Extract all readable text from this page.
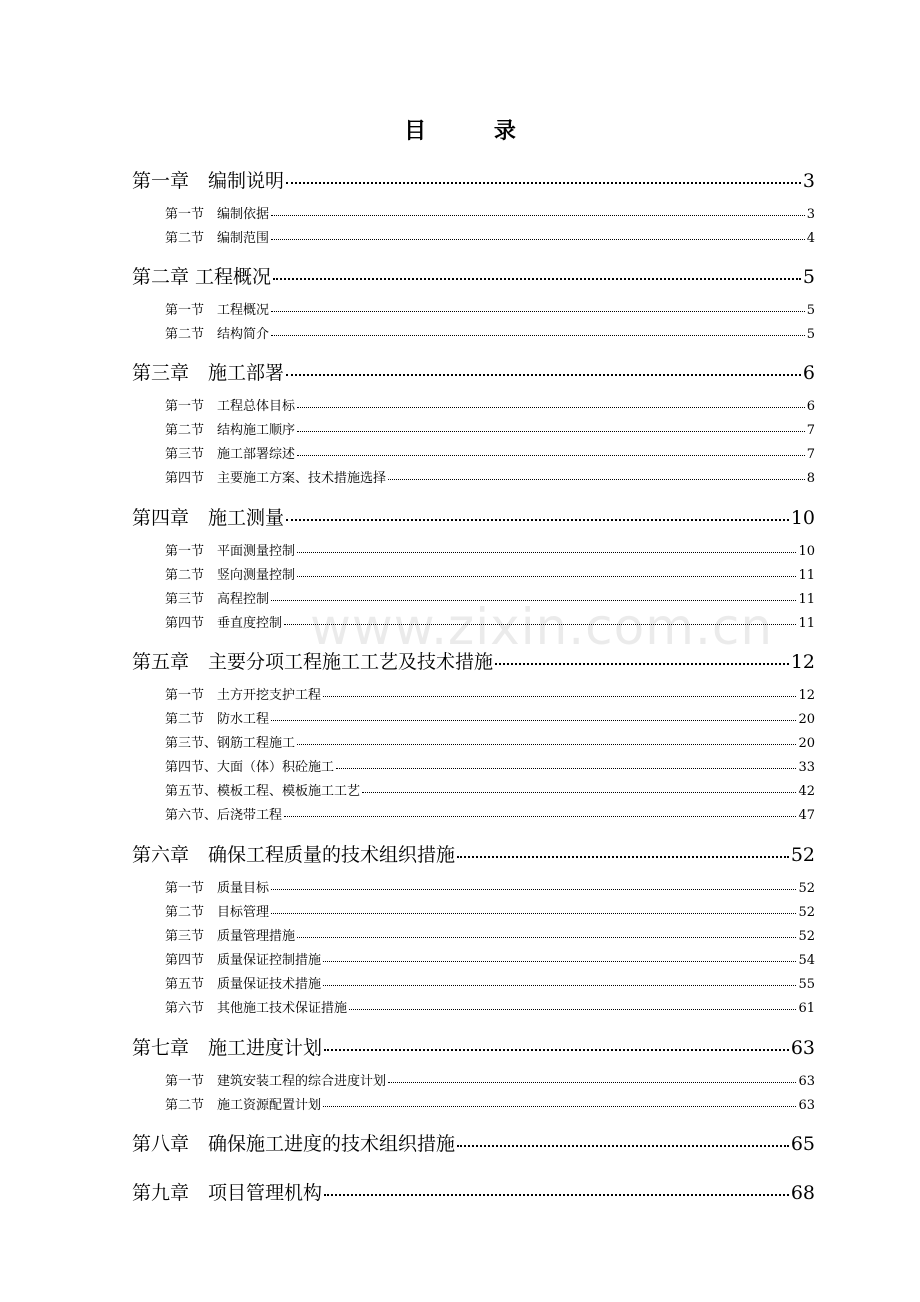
目	录
第一章　编制说明	3
第一节　编制依据	3
第二节　编制范围	4
第二章 工程概况	5
第一节　工程概况	5
第二节　结构简介	5
第三章　施工部署	6
第一节　工程总体目标	6
第二节　结构施工顺序	7
第三节　施工部署综述	7
第四节　主要施工方案、技术措施选择	8
第四章　施工测量	10
第一节　平面测量控制	10
第二节　竖向测量控制	11
第三节　高程控制	11
第四节　垂直度控制	11
第五章　主要分项工程施工工艺及技术措施	12
第一节　土方开挖支护工程	12
第二节　防水工程	20
第三节、钢筋工程施工	20
第四节、大面（体）积砼施工	33
第五节、模板工程、模板施工工艺	42
第六节、后浇带工程	47
第六章　确保工程质量的技术组织措施	52
第一节　质量目标	52
第二节　目标管理	52
第三节　质量管理措施	52
第四节　质量保证控制措施	54
第五节　质量保证技术措施	55
第六节　其他施工技术保证措施	61
第七章　施工进度计划	63
第一节　建筑安装工程的综合进度计划	63
第二节　施工资源配置计划	63
第八章　确保施工进度的技术组织措施	65
第九章　项目管理机构	68
www.zixin.com.cn
